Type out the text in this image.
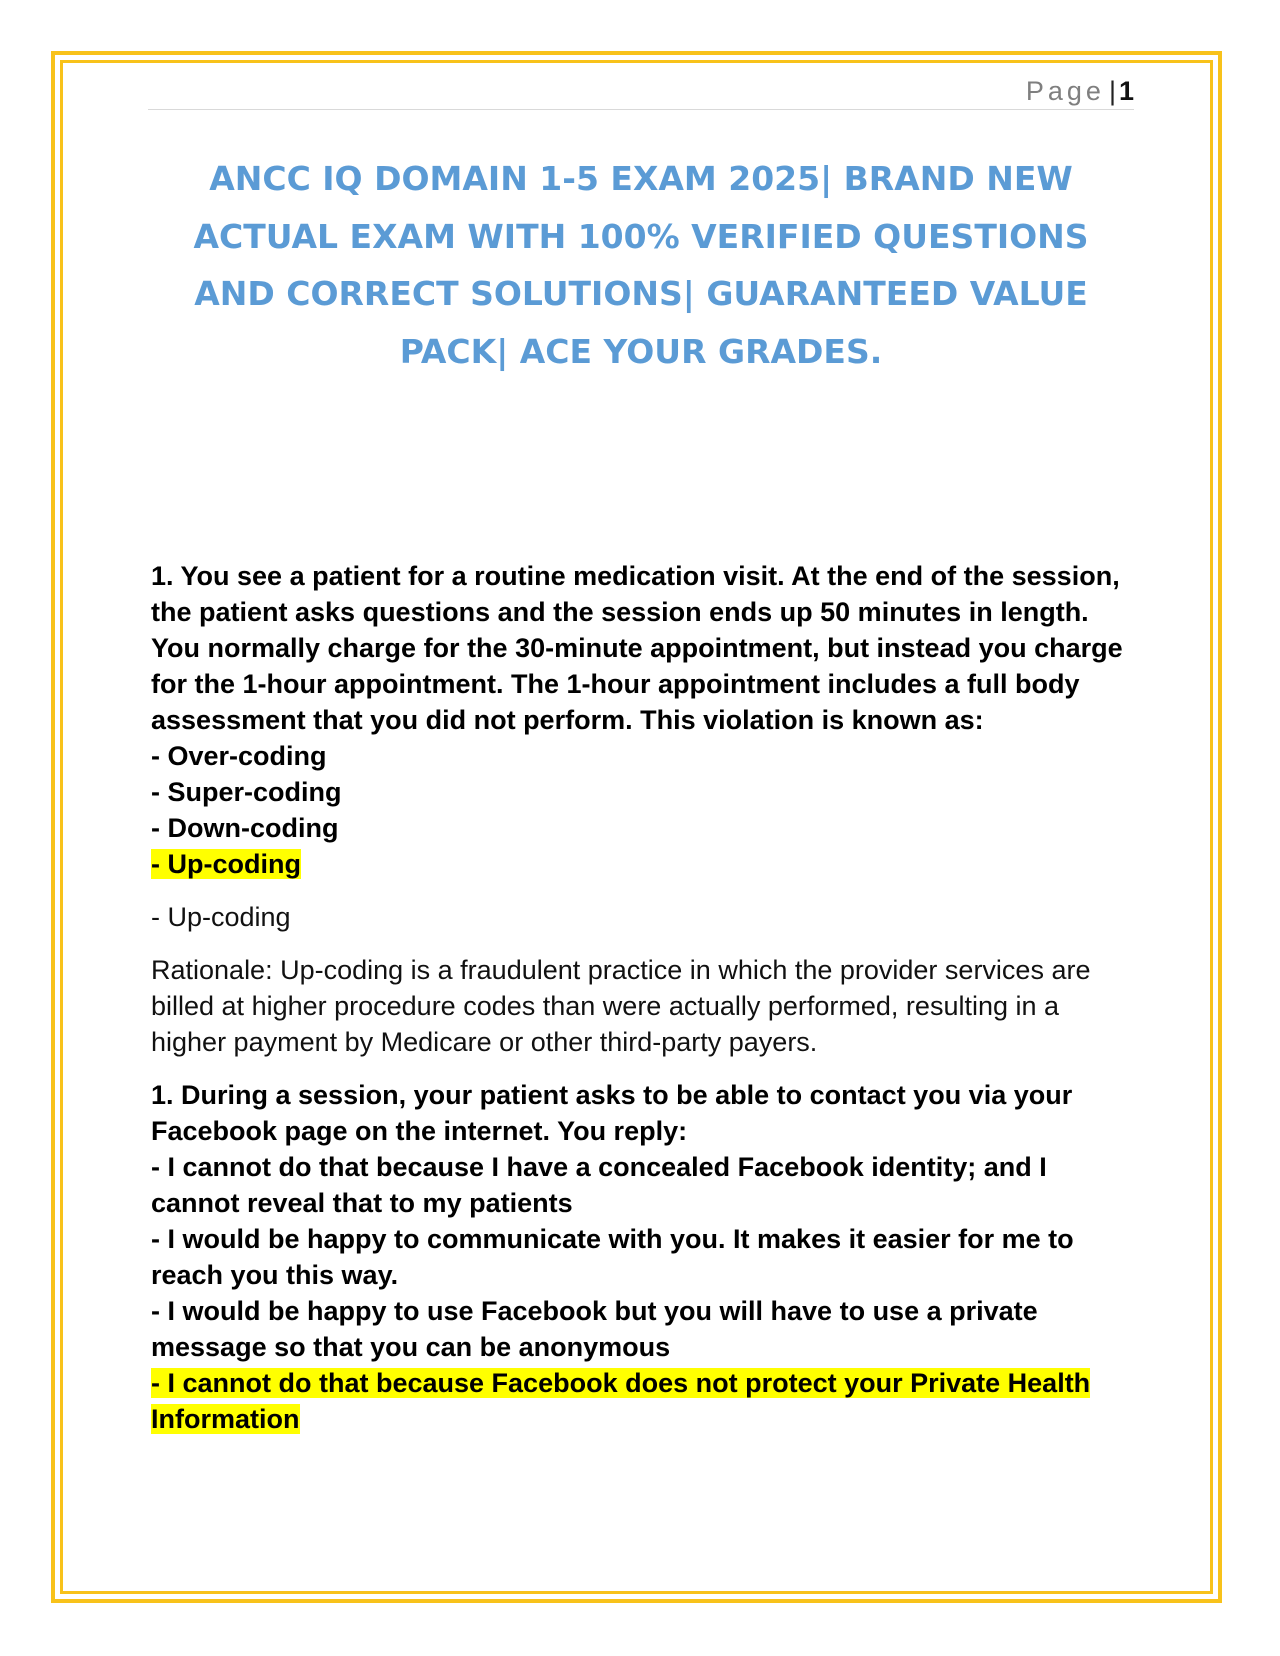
Page | 1
ANCC IQ DOMAIN 1-5 EXAM 2025| BRAND NEW ACTUAL EXAM WITH 100% VERIFIED QUESTIONS AND CORRECT SOLUTIONS| GUARANTEED VALUE PACK| ACE YOUR GRADES.

1. You see a patient for a routine medication visit. At the end of the session, the patient asks questions and the session ends up 50 minutes in length. You normally charge for the 30-minute appointment, but instead you charge for the 1-hour appointment. The 1-hour appointment includes a full body assessment that you did not perform. This violation is known as:

- Over-coding

- Super-coding

- Down-coding

- Up-coding

- Up-coding

Rationale: Up-coding is a fraudulent practice in which the provider services are billed at higher procedure codes than were actually performed, resulting in a higher payment by Medicare or other third-party payers.

1. During a session, your patient asks to be able to contact you via your Facebook page on the internet. You reply:

- I cannot do that because I have a concealed Facebook identity; and I cannot reveal that to my patients

- I would be happy to communicate with you. It makes it easier for me to reach you this way.

- I would be happy to use Facebook but you will have to use a private message so that you can be anonymous

- I cannot do that because Facebook does not protect your Private Health Information
